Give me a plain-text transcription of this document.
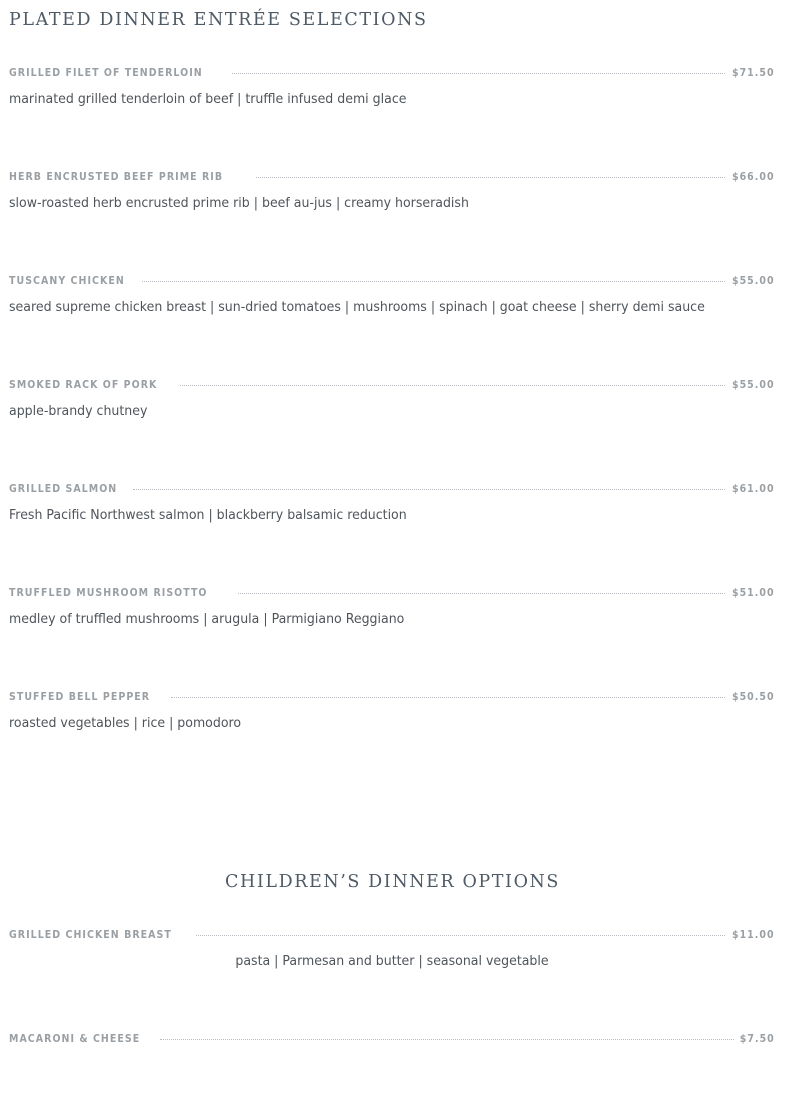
PLATED DINNER ENTRÉE SELECTIONS
GRILLED FILET OF TENDERLOIN	$71.50
marinated grilled tenderloin of beef | truffle infused demi glace
HERB ENCRUSTED BEEF PRIME RIB	$66.00
slow-roasted herb encrusted prime rib | beef au-jus | creamy horseradish
TUSCANY CHICKEN	$55.00
seared supreme chicken breast | sun-dried tomatoes | mushrooms | spinach | goat cheese | sherry demi sauce
SMOKED RACK OF PORK	$55.00
apple-brandy chutney
GRILLED SALMON	$61.00
Fresh Pacific Northwest salmon | blackberry balsamic reduction
TRUFFLED MUSHROOM RISOTTO	$51.00
medley of truffled mushrooms | arugula | Parmigiano Reggiano
STUFFED BELL PEPPER	$50.50
roasted vegetables | rice | pomodoro
CHILDREN’S DINNER OPTIONS
GRILLED CHICKEN BREAST	$11.00
pasta | Parmesan and butter | seasonal vegetable
MACARONI & CHEESE	$7.50
